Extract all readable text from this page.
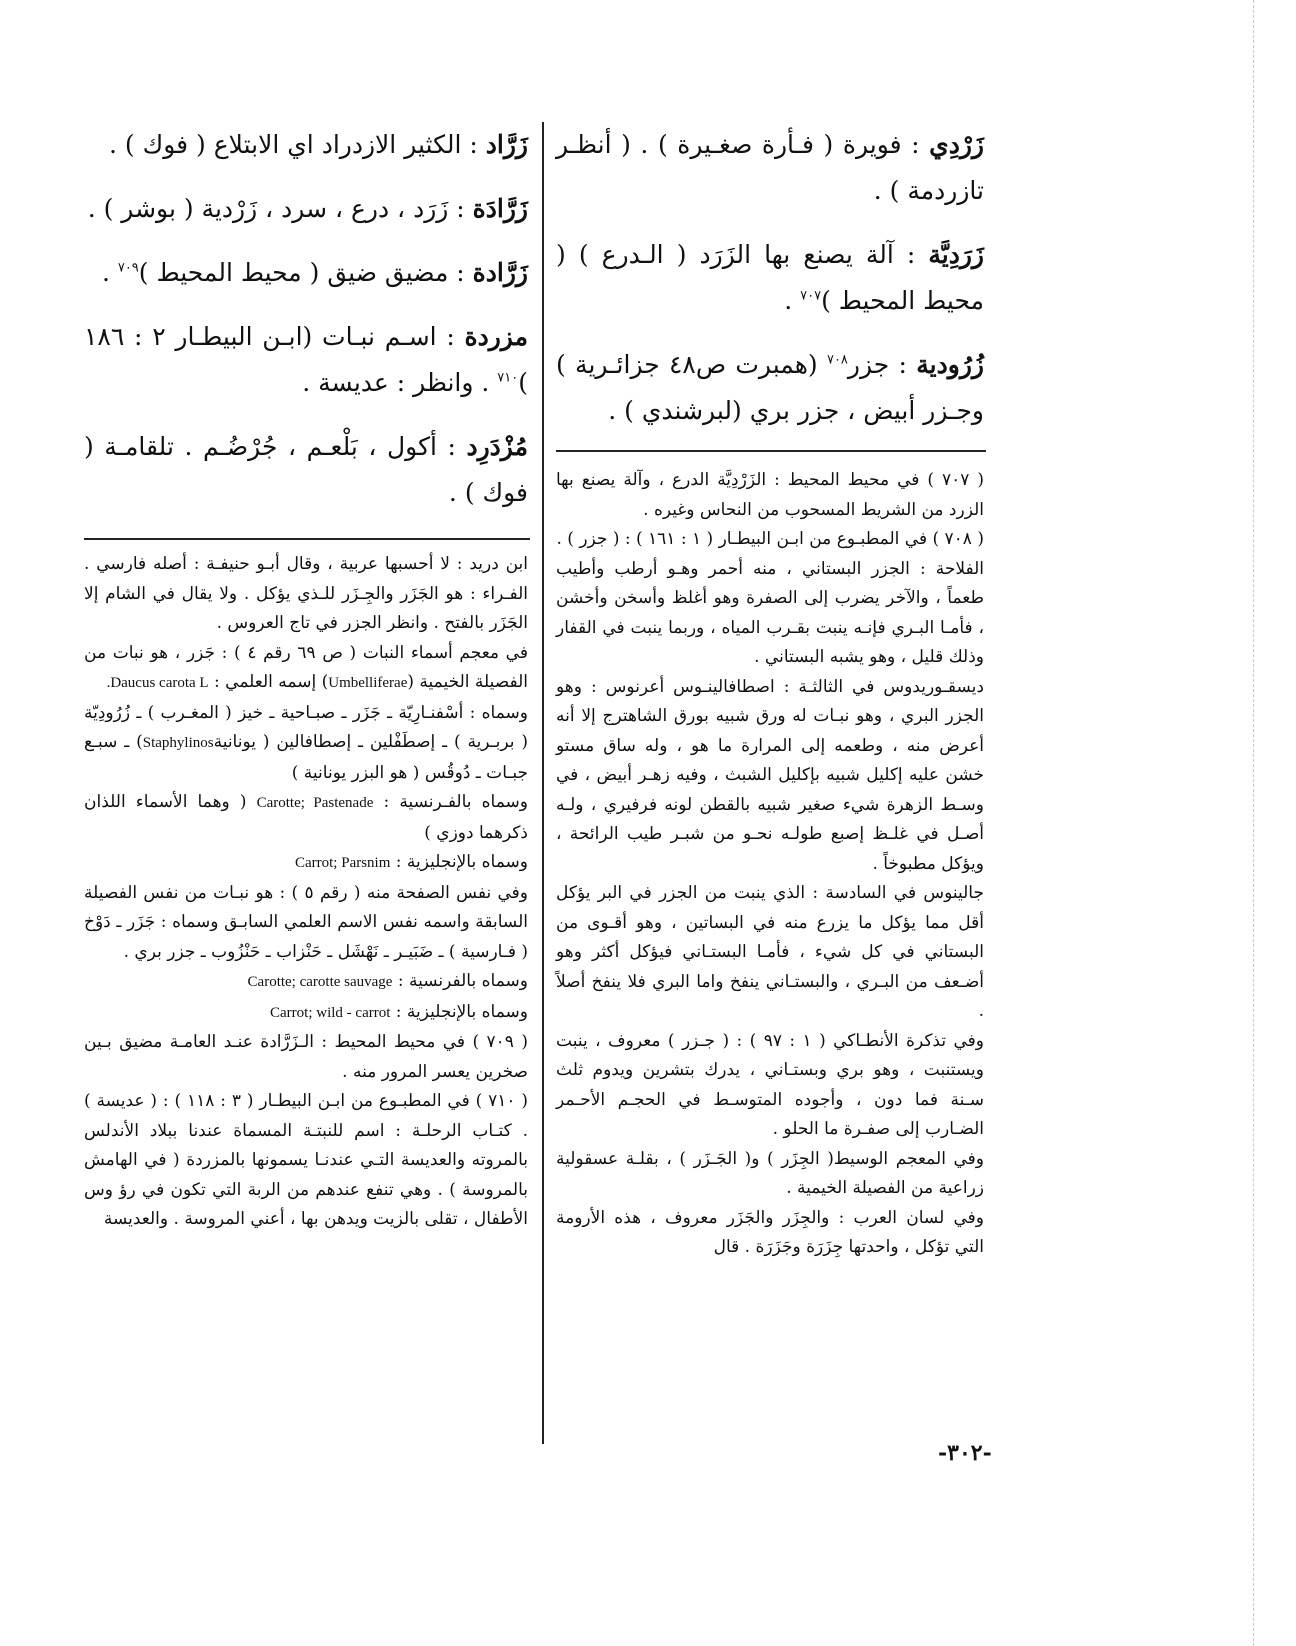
زَرْدِي : فويرة ( فـأرة صغـيرة ) . ( أنظـر تازردمة ) .

زَرَدِيَّة : آلة يصنع بها الزَرَد ( الـدرع ) ( محيط المحيط )$^{٧٠٧}$ .

زُرُودية : جزر$^{٧٠٨}$ (همبرت ص٤٨ جزائـرية ) وجـزر أبيض ، جزر بري (لبرشندي ) .

( ٧٠٧ ) في محيط المحيط : الزَرْدِيَّة الدرع ، وآلة يصنع بها الزرد من الشريط المسحوب من النحاس وغيره .

( ٧٠٨ ) في المطبـوع من ابـن البيطـار ( ١ : ١٦١ ) : ( جزر ) .

الفلاحة : الجزر البستاني ، منه أحمر وهـو أرطب وأطيب طعماً ، والآخر يضرب إلى الصفرة وهو أغلظ وأسخن وأخشن ، فأمـا البـري فإنـه ينبت بقـرب المياه ، وربما ينبت في القفار وذلك قليل ، وهو يشبه البستاني .

ديسقـوريدوس في الثالثـة : اصطافالينـوس أعرنوس : وهو الجزر البري ، وهو نبـات له ورق شبيه بورق الشاهترج إلا أنه أعرض منه ، وطعمه إلى المرارة ما هو ، وله ساق مستو خشن عليه إكليل شبيه بإكليل الشبث ، وفيه زهـر أبيض ، في وسـط الزهرة شيء صغير شبيه بالقطن لونه فرفيري ، ولـه أصـل في غلـظ إصبع طولـه نحـو من شبـر طيب الرائحة ، ويؤكل مطبوخاً .

جالينوس في السادسة : الذي ينبت من الجزر في البر يؤكل أقل مما يؤكل ما يزرع منه في البساتين ، وهو أقـوى من البستاني في كل شيء ، فأمـا البستـاني فيؤكل أكثر وهو أضـعف من البـري ، والبستـاني ينفخ واما البري فلا ينفخ أصلاً .

وفي تذكرة الأنطـاكي ( ١ : ٩٧ ) : ( جـزر ) معروف ، ينبت ويستنبت ، وهو بري وبستـاني ، يدرك بتشرين ويدوم ثلث سـنة فما دون ، وأجوده المتوسـط في الحجـم الأحـمر الضـارب إلى صفـرة ما الحلو .

وفي المعجم الوسيط( الجِزَر ) و( الجَـزَر ) ، بقلـة عسقولية زراعية من الفصيلة الخيمية .

وفي لسان العرب : والجِزَر والجَزَر معروف ، هذه الأرومة التي تؤكل ، واحدتها جِزَرَة وجَزَرَة . قال

زَرَّاد : الكثير الازدراد اي الابتلاع ( فوك ) .

زَرَّادَة : زَرَد ، درع ، سرد ، زَرْدية ( بوشر ) .

زَرَّادة : مضيق ضيق ( محيط المحيط )$^{٧٠٩}$ .

مزردة : اسـم نبـات (ابـن البيطـار ٢ : ١٨٦ )$^{٧١٠}$ . وانظر : عديسة .

مُزْدَرِد : أكول ، بَلْعـم ، جُرْضُـم . تلقامـة ( فوك ) .

ابن دريد : لا أحسبها عربية ، وقال أبـو حنيفـة : أصله فارسي . الفـراء : هو الجَزَر والجِـزَر للـذي يؤكل . ولا يقال في الشام إلا الجَزَر بالفتح . وانظر الجزر في تاج العروس .

في معجم أسماء النبات ( ص ٦٩ رقم ٤ ) : جَزر ، هو نبات من الفصيلة الخيمية (Umbelliferae) إسمه العلمي : Daucus carota L.

وسماه : أسْفنـارِيّة ـ جَزَر ـ صبـاحية ـ خيز ( المغـرب ) ـ زُرُودِيّة ( بربـرية ) ـ إصطَفْلين ـ إصطافالين ( يونانيةStaphylinos) ـ سبـع جبـات ـ دُوقُس ( هو البزر يونانية )

وسماه بالفـرنسية : Carotte; Pastenade ( وهما الأسماء اللذان ذكرهما دوزي )

وسماه بالإنجليزية : Carrot; Parsnim

وفي نفس الصفحة منه ( رقم ٥ ) : هو نبـات من نفس الفصيلة السابقة واسمه نفس الاسم العلمي السابـق وسماه : جَزَر ـ دَوْخ ( فـارسية ) ـ ضَبَيـر ـ نَهْشَل ـ حَنْزاب ـ حَنْزُوب ـ جزر بري .

وسماه بالفرنسية : Carotte; carotte sauvage

وسماه بالإنجليزية : Carrot; wild - carrot

( ٧٠٩ ) في محيط المحيط : الـزَرَّادة عنـد العامـة مضيق بـين صخرين يعسر المرور منه .

( ٧١٠ ) في المطبـوع من ابـن البيطـار ( ٣ : ١١٨ ) : ( عديسة ) . كتـاب الرحلـة : اسم للنبتـة المسماة عندنا ببلاد الأندلس بالمروته والعديسة التـي عندنـا يسمونها بالمزردة ( في الهامش بالمروسة ) . وهي تنفع عندهم من الربة التي تكون في رؤ وس الأطفال ، تقلى بالزيت ويدهن بها ، أعني المروسة . والعديسة

-٣٠٢-
